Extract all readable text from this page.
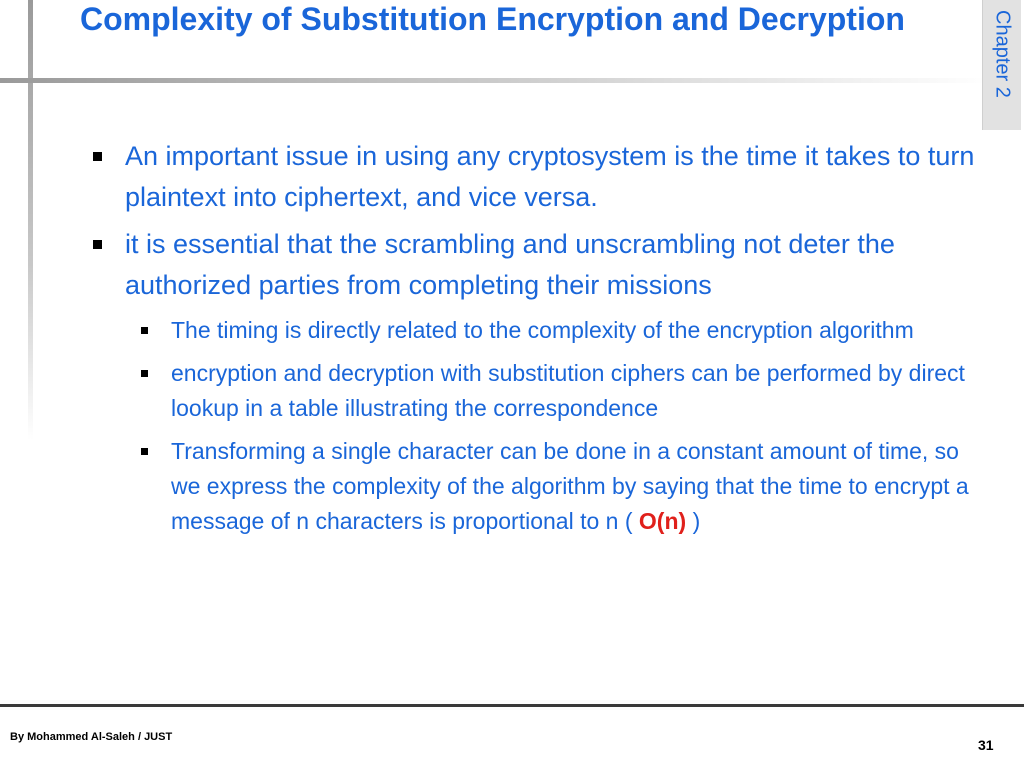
Complexity of Substitution Encryption and Decryption	Chapter 2
An important issue in using any cryptosystem is the time it takes to turn plaintext into ciphertext, and vice versa.
it is essential that the scrambling and unscrambling not deter the authorized parties from completing their missions
The timing is directly related to the complexity of the encryption algorithm
encryption and decryption with substitution ciphers can be performed by direct lookup in a table illustrating the correspondence
Transforming a single character can be done in a constant amount of time, so we express the complexity of the algorithm by saying that the time to encrypt a message of n characters is proportional to n ( O(n) )
By Mohammed Al-Saleh / JUST	31
